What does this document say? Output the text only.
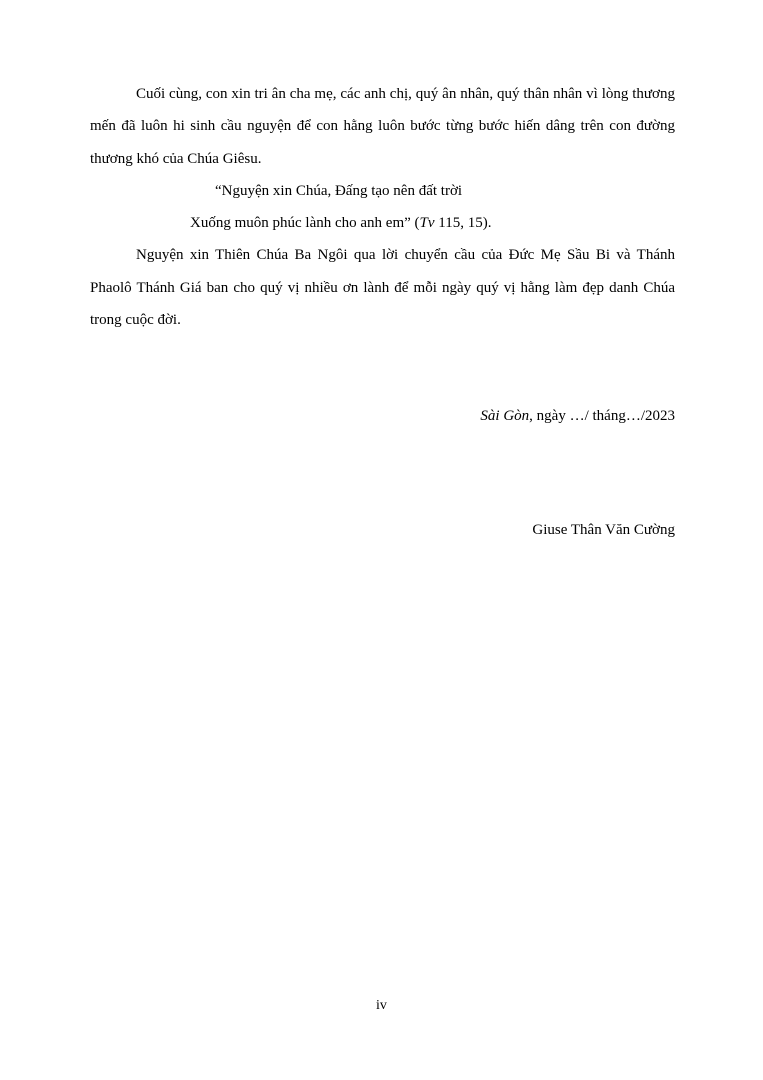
Cuối cùng, con xin tri ân cha mẹ, các anh chị, quý ân nhân, quý thân nhân vì lòng thương mến đã luôn hi sinh cầu nguyện để con hằng luôn bước từng bước hiến dâng trên con đường thương khó của Chúa Giêsu.

“Nguyện xin Chúa, Đấng tạo nên đất trời

Xuống muôn phúc lành cho anh em” (Tv 115, 15).

Nguyện xin Thiên Chúa Ba Ngôi qua lời chuyển cầu của Đức Mẹ Sầu Bi và Thánh Phaolô Thánh Giá ban cho quý vị nhiều ơn lành để mỗi ngày quý vị hằng làm đẹp danh Chúa trong cuộc đời.

Sài Gòn, ngày …/ tháng…/2023
Giuse Thân Văn Cường
iv
